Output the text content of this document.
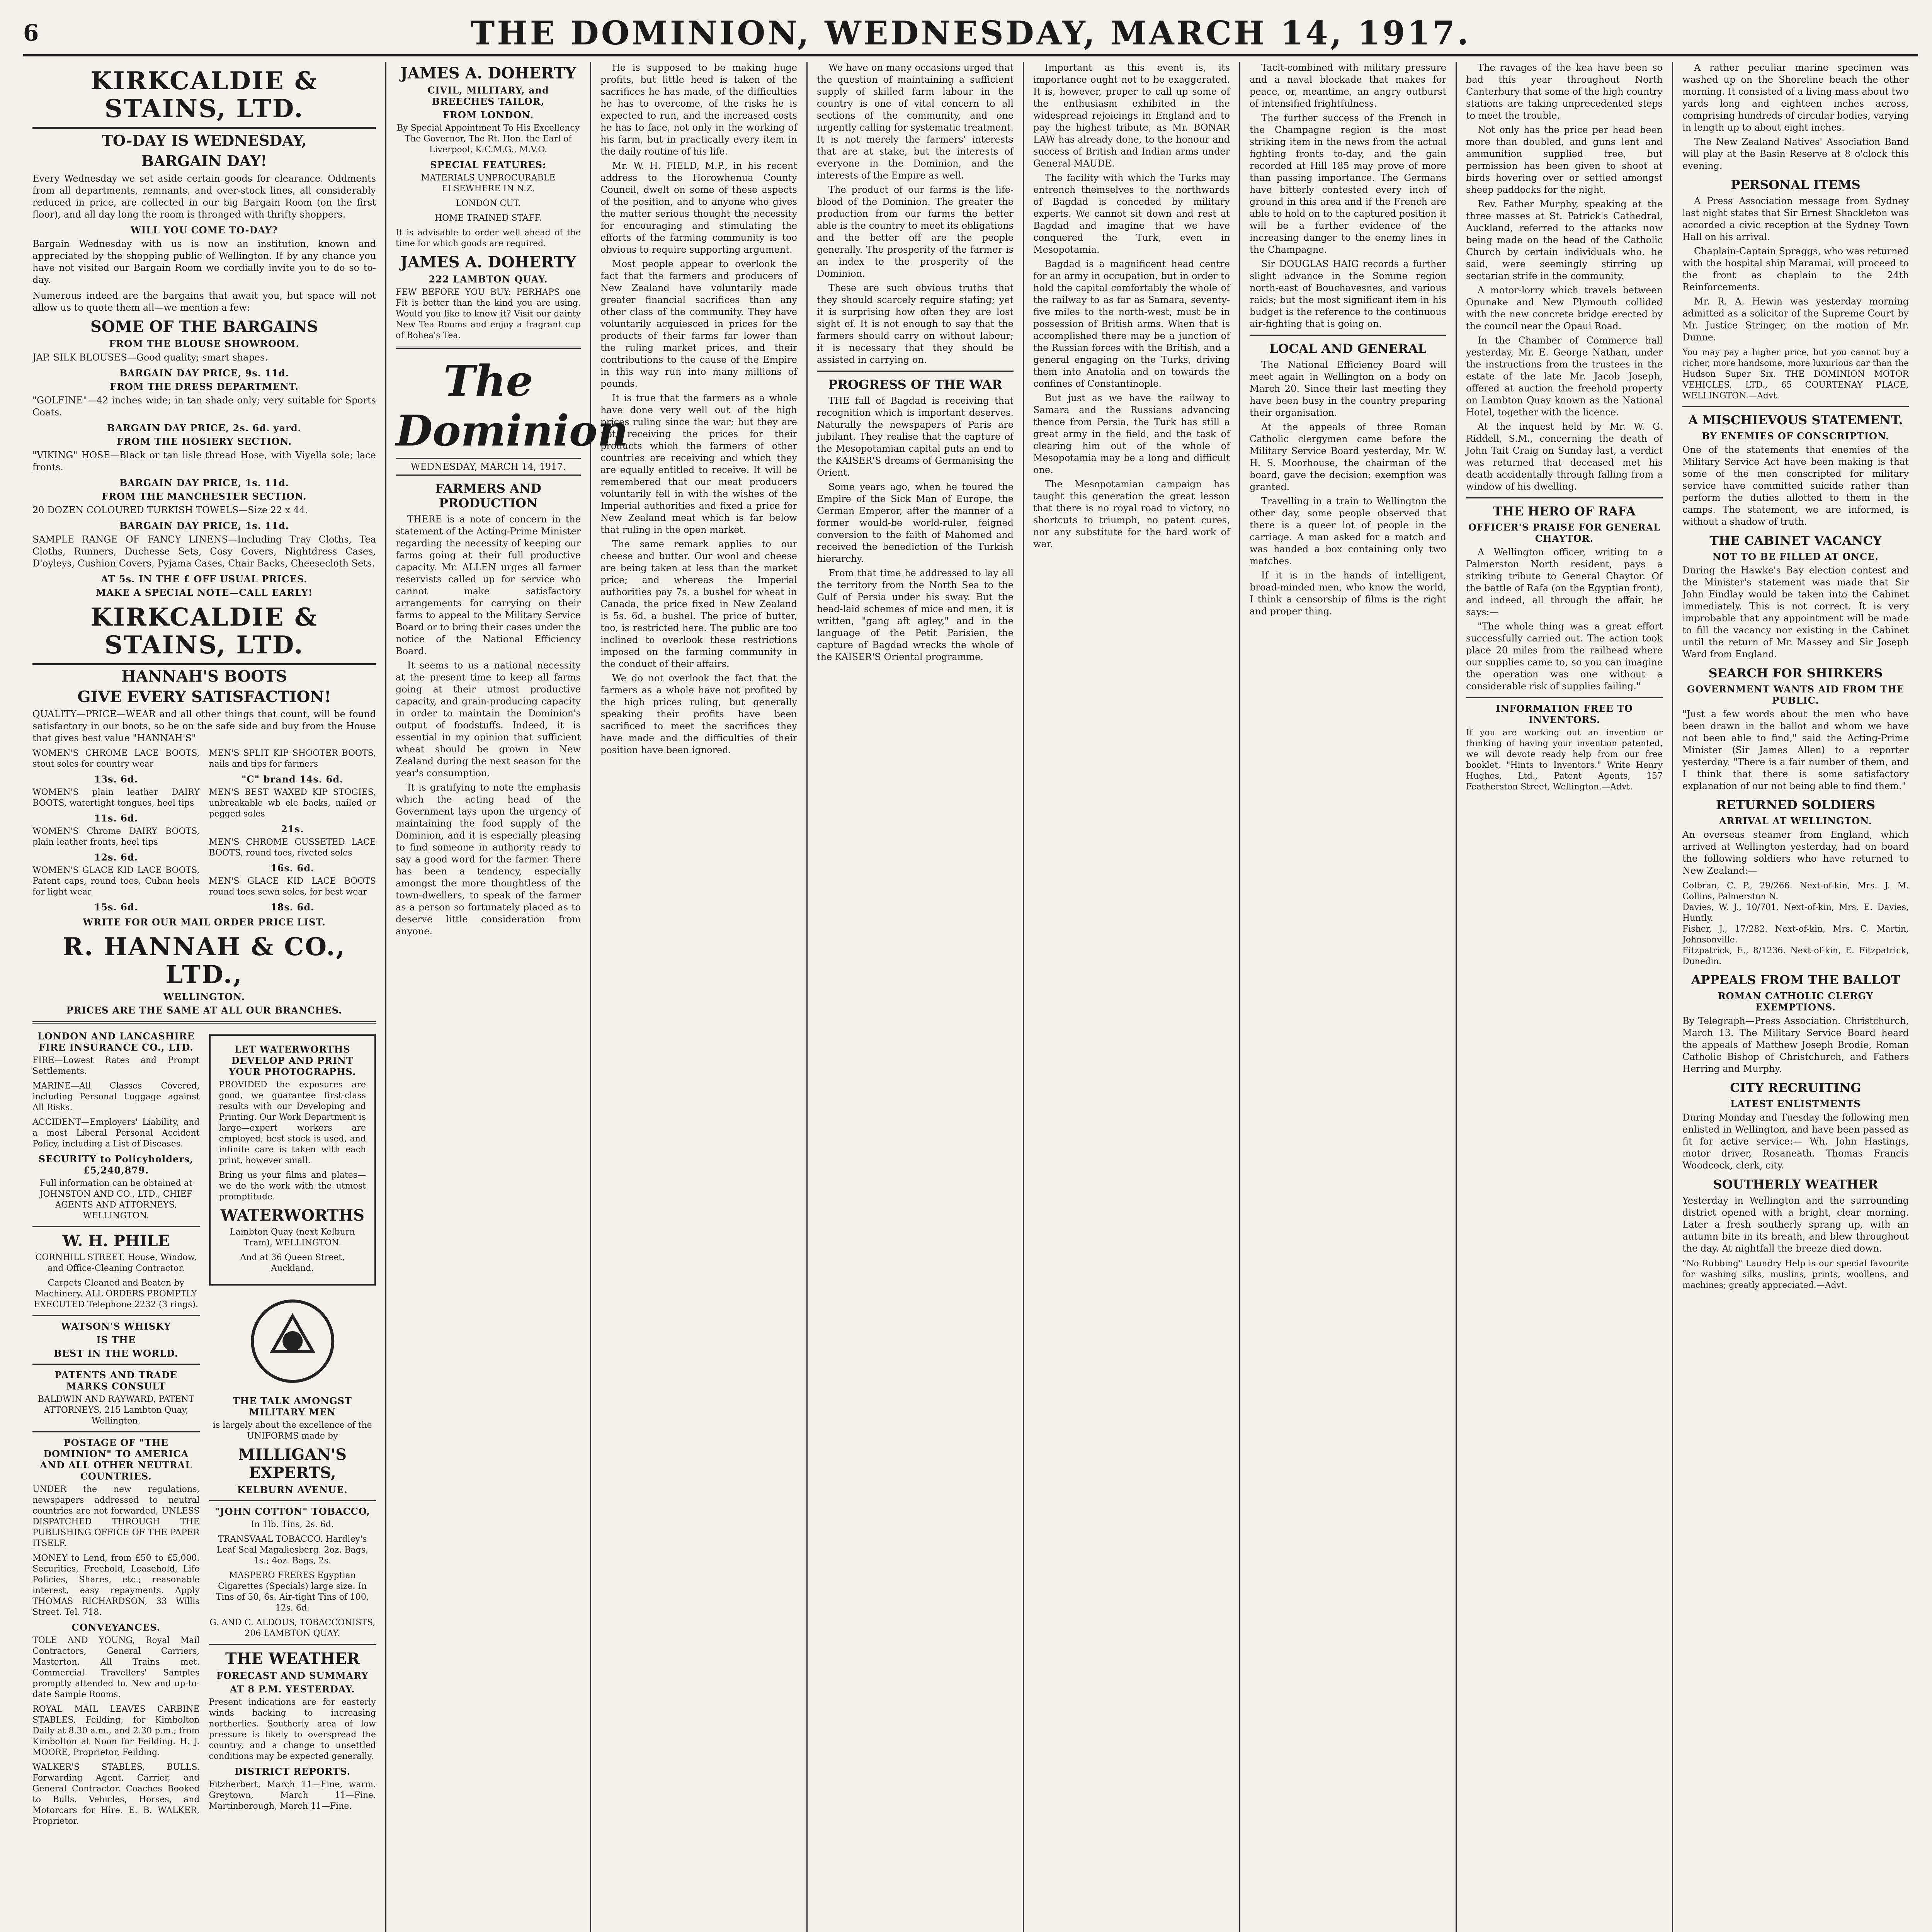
6	THE DOMINION, WEDNESDAY, MARCH 14, 1917.
KIRKCALDIE & STAINS, LTD.
TO-DAY IS WEDNESDAY,
BARGAIN DAY!
Every Wednesday we set aside certain goods for clearance. Oddments from all departments, remnants, and over-stock lines, all considerably reduced in price, are collected in our big Bargain Room (on the first floor), and all day long the room is thronged with thrifty shoppers.
WILL YOU COME TO-DAY?
Bargain Wednesday with us is now an institution, known and appreciated by the shopping public of Wellington. If by any chance you have not visited our Bargain Room we cordially invite you to do so to-day.
Numerous indeed are the bargains that await you, but space will not allow us to quote them all—we mention a few:
SOME OF THE BARGAINS
FROM THE BLOUSE SHOWROOM.
JAP. SILK BLOUSES—Good quality; smart shapes.
BARGAIN DAY PRICE, 9s. 11d.
FROM THE DRESS DEPARTMENT.
"GOLFINE"—42 inches wide; in tan shade only; very suitable for Sports Coats.
BARGAIN DAY PRICE, 2s. 6d. yard.
FROM THE HOSIERY SECTION.
"VIKING" HOSE—Black or tan lisle thread Hose, with Viyella sole; lace fronts.
BARGAIN DAY PRICE, 1s. 11d.
FROM THE MANCHESTER SECTION.
20 DOZEN COLOURED TURKISH TOWELS—Size 22 x 44.
BARGAIN DAY PRICE, 1s. 11d.
SAMPLE RANGE OF FANCY LINENS—Including Tray Cloths, Tea Cloths, Runners, Duchesse Sets, Cosy Covers, Nightdress Cases, D'oyleys, Cushion Covers, Pyjama Cases, Chair Backs, Cheesecloth Sets.
AT 5s. IN THE £ OFF USUAL PRICES.
MAKE A SPECIAL NOTE—CALL EARLY!
KIRKCALDIE & STAINS, LTD.
HANNAH'S BOOTS
GIVE EVERY SATISFACTION!
QUALITY—PRICE—WEAR and all other things that count, will be found satisfactory in our boots, so be on the safe side and buy from the House that gives best value "HANNAH'S"
WOMEN'S CHROME LACE BOOTS, stout soles for country wear
13s. 6d.
WOMEN'S plain leather DAIRY BOOTS, watertight tongues, heel tips
11s. 6d.
WOMEN'S Chrome DAIRY BOOTS, plain leather fronts, heel tips
12s. 6d.
WOMEN'S GLACE KID LACE BOOTS, Patent caps, round toes, Cuban heels for light wear
15s. 6d.
MEN'S SPLIT KIP SHOOTER BOOTS, nails and tips for farmers
"C" brand 14s. 6d.
MEN'S BEST WAXED KIP STOGIES, unbreakable wb ele backs, nailed or pegged soles
21s.
MEN'S CHROME GUSSETED LACE BOOTS, round toes, riveted soles
16s. 6d.
MEN'S GLACE KID LACE BOOTS round toes sewn soles, for best wear
18s. 6d.
WRITE FOR OUR MAIL ORDER PRICE LIST.
R. HANNAH & CO., LTD.,
WELLINGTON.
PRICES ARE THE SAME AT ALL OUR BRANCHES.
LONDON AND LANCASHIRE FIRE INSURANCE CO., LTD.
FIRE—Lowest Rates and Prompt Settlements.
MARINE—All Classes Covered, including Personal Luggage against All Risks.
ACCIDENT—Employers' Liability, and a most Liberal Personal Accident Policy, including a List of Diseases.
SECURITY to Policyholders, £5,240,879.
Full information can be obtained at JOHNSTON AND CO., LTD., CHIEF AGENTS AND ATTORNEYS, WELLINGTON.
W. H. PHILE
CORNHILL STREET. House, Window, and Office-Cleaning Contractor.
Carpets Cleaned and Beaten by Machinery. ALL ORDERS PROMPTLY EXECUTED Telephone 2232 (3 rings).
WATSON'S WHISKY
IS THE
BEST IN THE WORLD.
PATENTS AND TRADE MARKS CONSULT
BALDWIN AND RAYWARD, PATENT ATTORNEYS, 215 Lambton Quay, Wellington.
POSTAGE OF "THE DOMINION" TO AMERICA AND ALL OTHER NEUTRAL COUNTRIES.
UNDER the new regulations, newspapers addressed to neutral countries are not forwarded, UNLESS DISPATCHED THROUGH THE PUBLISHING OFFICE OF THE PAPER ITSELF.
MONEY to Lend, from £50 to £5,000. Securities, Freehold, Leasehold, Life Policies, Shares, etc.; reasonable interest, easy repayments. Apply THOMAS RICHARDSON, 33 Willis Street. Tel. 718.
CONVEYANCES.
TOLE AND YOUNG, Royal Mail Contractors, General Carriers, Masterton. All Trains met. Commercial Travellers' Samples promptly attended to. New and up-to-date Sample Rooms.
ROYAL MAIL LEAVES CARBINE STABLES, Feilding, for Kimbolton Daily at 8.30 a.m., and 2.30 p.m.; from Kimbolton at Noon for Feilding. H. J. MOORE, Proprietor, Feilding.
WALKER'S STABLES, BULLS. Forwarding Agent, Carrier, and General Contractor. Coaches Booked to Bulls. Vehicles, Horses, and Motorcars for Hire. E. B. WALKER, Proprietor.
LET WATERWORTHS DEVELOP AND PRINT YOUR PHOTOGRAPHS.
PROVIDED the exposures are good, we guarantee first-class results with our Developing and Printing. Our Work Department is large—expert workers are employed, best stock is used, and infinite care is taken with each print, however small.
Bring us your films and plates—we do the work with the utmost promptitude.
WATERWORTHS
Lambton Quay (next Kelburn Tram), WELLINGTON.
And at 36 Queen Street, Auckland.
THE TALK AMONGST MILITARY MEN
is largely about the excellence of the UNIFORMS made by
MILLIGAN'S EXPERTS,
KELBURN AVENUE.
"JOHN COTTON" TOBACCO,
In 1lb. Tins, 2s. 6d.
TRANSVAAL TOBACCO. Hardley's Leaf Seal Magaliesberg. 2oz. Bags, 1s.; 4oz. Bags, 2s.
MASPERO FRERES Egyptian Cigarettes (Specials) large size. In Tins of 50, 6s. Air-tight Tins of 100, 12s. 6d.
G. AND C. ALDOUS, TOBACCONISTS, 206 LAMBTON QUAY.
THE WEATHER
FORECAST AND SUMMARY
AT 8 P.M. YESTERDAY.
Present indications are for easterly winds backing to increasing northerlies. Southerly area of low pressure is likely to overspread the country, and a change to unsettled conditions may be expected generally.
DISTRICT REPORTS.
Fitzherbert, March 11—Fine, warm. Greytown, March 11—Fine. Martinborough, March 11—Fine.
JAMES A. DOHERTY
CIVIL, MILITARY, and BREECHES TAILOR,
FROM LONDON.
By Special Appointment To His Excellency The Governor, The Rt. Hon. the Earl of Liverpool, K.C.M.G., M.V.O.
SPECIAL FEATURES:
MATERIALS UNPROCURABLE ELSEWHERE IN N.Z.
LONDON CUT.
HOME TRAINED STAFF.
It is advisable to order well ahead of the time for which goods are required.
JAMES A. DOHERTY
222 LAMBTON QUAY.
FEW BEFORE YOU BUY: PERHAPS one Fit is better than the kind you are using. Would you like to know it? Visit our dainty New Tea Rooms and enjoy a fragrant cup of Bohea's Tea.
The Dominion
WEDNESDAY, MARCH 14, 1917.
FARMERS AND PRODUCTION

THERE is a note of concern in the statement of the Acting-Prime Minister regarding the necessity of keeping our farms going at their full productive capacity. Mr. ALLEN urges all farmer reservists called up for service who cannot make satisfactory arrangements for carrying on their farms to appeal to the Military Service Board or to bring their cases under the notice of the National Efficiency Board.

It seems to us a national necessity at the present time to keep all farms going at their utmost productive capacity, and grain-producing capacity in order to maintain the Dominion's output of foodstuffs. Indeed, it is essential in my opinion that sufficient wheat should be grown in New Zealand during the next season for the year's consumption.

It is gratifying to note the emphasis which the acting head of the Government lays upon the urgency of maintaining the food supply of the Dominion, and it is especially pleasing to find someone in authority ready to say a good word for the farmer. There has been a tendency, especially amongst the more thoughtless of the town-dwellers, to speak of the farmer as a person so fortunately placed as to deserve little consideration from anyone.

He is supposed to be making huge profits, but little heed is taken of the sacrifices he has made, of the difficulties he has to overcome, of the risks he is expected to run, and the increased costs he has to face, not only in the working of his farm, but in practically every item in the daily routine of his life.

Mr. W. H. FIELD, M.P., in his recent address to the Horowhenua County Council, dwelt on some of these aspects of the position, and to anyone who gives the matter serious thought the necessity for encouraging and stimulating the efforts of the farming community is too obvious to require supporting argument.

Most people appear to overlook the fact that the farmers and producers of New Zealand have voluntarily made greater financial sacrifices than any other class of the community. They have voluntarily acquiesced in prices for the products of their farms far lower than the ruling market prices, and their contributions to the cause of the Empire in this way run into many millions of pounds.

It is true that the farmers as a whole have done very well out of the high prices ruling since the war; but they are not receiving the prices for their products which the farmers of other countries are receiving and which they are equally entitled to receive. It will be remembered that our meat producers voluntarily fell in with the wishes of the Imperial authorities and fixed a price for New Zealand meat which is far below that ruling in the open market.

The same remark applies to our cheese and butter. Our wool and cheese are being taken at less than the market price; and whereas the Imperial authorities pay 7s. a bushel for wheat in Canada, the price fixed in New Zealand is 5s. 6d. a bushel. The price of butter, too, is restricted here. The public are too inclined to overlook these restrictions imposed on the farming community in the conduct of their affairs.

We do not overlook the fact that the farmers as a whole have not profited by the high prices ruling, but generally speaking their profits have been sacrificed to meet the sacrifices they have made and the difficulties of their position have been ignored.

We have on many occasions urged that the question of maintaining a sufficient supply of skilled farm labour in the country is one of vital concern to all sections of the community, and one urgently calling for systematic treatment. It is not merely the farmers' interests that are at stake, but the interests of everyone in the Dominion, and the interests of the Empire as well.

The product of our farms is the life-blood of the Dominion. The greater the production from our farms the better able is the country to meet its obligations and the better off are the people generally. The prosperity of the farmer is an index to the prosperity of the Dominion.

These are such obvious truths that they should scarcely require stating; yet it is surprising how often they are lost sight of. It is not enough to say that the farmers should carry on without labour; it is necessary that they should be assisted in carrying on.

PROGRESS OF THE WAR

THE fall of Bagdad is receiving that recognition which is important deserves. Naturally the newspapers of Paris are jubilant. They realise that the capture of the Mesopotamian capital puts an end to the KAISER'S dreams of Germanising the Orient.

Some years ago, when he toured the Empire of the Sick Man of Europe, the German Emperor, after the manner of a former would-be world-ruler, feigned conversion to the faith of Mahomed and received the benediction of the Turkish hierarchy.

From that time he addressed to lay all the territory from the North Sea to the Gulf of Persia under his sway. But the head-laid schemes of mice and men, it is written, "gang aft agley," and in the language of the Petit Parisien, the capture of Bagdad wrecks the whole of the KAISER'S Oriental programme.

Important as this event is, its importance ought not to be exaggerated. It is, however, proper to call up some of the enthusiasm exhibited in the widespread rejoicings in England and to pay the highest tribute, as Mr. BONAR LAW has already done, to the honour and success of British and Indian arms under General MAUDE.

The facility with which the Turks may entrench themselves to the northwards of Bagdad is conceded by military experts. We cannot sit down and rest at Bagdad and imagine that we have conquered the Turk, even in Mesopotamia.

Bagdad is a magnificent head centre for an army in occupation, but in order to hold the capital comfortably the whole of the railway to as far as Samara, seventy-five miles to the north-west, must be in possession of British arms. When that is accomplished there may be a junction of the Russian forces with the British, and a general engaging on the Turks, driving them into Anatolia and on towards the confines of Constantinople.

But just as we have the railway to Samara and the Russians advancing thence from Persia, the Turk has still a great army in the field, and the task of clearing him out of the whole of Mesopotamia may be a long and difficult one.

The Mesopotamian campaign has taught this generation the great lesson that there is no royal road to victory, no shortcuts to triumph, no patent cures, nor any substitute for the hard work of war.

Tacit-combined with military pressure and a naval blockade that makes for peace, or, meantime, an angry outburst of intensified frightfulness.

The further success of the French in the Champagne region is the most striking item in the news from the actual fighting fronts to-day, and the gain recorded at Hill 185 may prove of more than passing importance. The Germans have bitterly contested every inch of ground in this area and if the French are able to hold on to the captured position it will be a further evidence of the increasing danger to the enemy lines in the Champagne.

Sir DOUGLAS HAIG records a further slight advance in the Somme region north-east of Bouchavesnes, and various raids; but the most significant item in his budget is the reference to the continuous air-fighting that is going on.

LOCAL AND GENERAL

The National Efficiency Board will meet again in Wellington on a body on March 20. Since their last meeting they have been busy in the country preparing their organisation.

At the appeals of three Roman Catholic clergymen came before the Military Service Board yesterday, Mr. W. H. S. Moorhouse, the chairman of the board, gave the decision; exemption was granted.

Travelling in a train to Wellington the other day, some people observed that there is a queer lot of people in the carriage. A man asked for a match and was handed a box containing only two matches.

If it is in the hands of intelligent, broad-minded men, who know the world, I think a censorship of films is the right and proper thing.

The ravages of the kea have been so bad this year throughout North Canterbury that some of the high country stations are taking unprecedented steps to meet the trouble.

Not only has the price per head been more than doubled, and guns lent and ammunition supplied free, but permission has been given to shoot at birds hovering over or settled amongst sheep paddocks for the night.

Rev. Father Murphy, speaking at the three masses at St. Patrick's Cathedral, Auckland, referred to the attacks now being made on the head of the Catholic Church by certain individuals who, he said, were seemingly stirring up sectarian strife in the community.

A motor-lorry which travels between Opunake and New Plymouth collided with the new concrete bridge erected by the council near the Opaui Road.

In the Chamber of Commerce hall yesterday, Mr. E. George Nathan, under the instructions from the trustees in the estate of the late Mr. Jacob Joseph, offered at auction the freehold property on Lambton Quay known as the National Hotel, together with the licence.

At the inquest held by Mr. W. G. Riddell, S.M., concerning the death of John Tait Craig on Sunday last, a verdict was returned that deceased met his death accidentally through falling from a window of his dwelling.

THE HERO OF RAFA
OFFICER'S PRAISE FOR GENERAL CHAYTOR.

A Wellington officer, writing to a Palmerston North resident, pays a striking tribute to General Chaytor. Of the battle of Rafa (on the Egyptian front), and indeed, all through the affair, he says:—

"The whole thing was a great effort successfully carried out. The action took place 20 miles from the railhead where our supplies came to, so you can imagine the operation was one without a considerable risk of supplies failing."

INFORMATION FREE TO INVENTORS.
If you are working out an invention or thinking of having your invention patented, we will devote ready help from our free booklet, "Hints to Inventors." Write Henry Hughes, Ltd., Patent Agents, 157 Featherston Street, Wellington.—Advt.

A rather peculiar marine specimen was washed up on the Shoreline beach the other morning. It consisted of a living mass about two yards long and eighteen inches across, comprising hundreds of circular bodies, varying in length up to about eight inches.

The New Zealand Natives' Association Band will play at the Basin Reserve at 8 o'clock this evening.

PERSONAL ITEMS

A Press Association message from Sydney last night states that Sir Ernest Shackleton was accorded a civic reception at the Sydney Town Hall on his arrival.

Chaplain-Captain Spraggs, who was returned with the hospital ship Maramai, will proceed to the front as chaplain to the 24th Reinforcements.

Mr. R. A. Hewin was yesterday morning admitted as a solicitor of the Supreme Court by Mr. Justice Stringer, on the motion of Mr. Dunne.

You may pay a higher price, but you cannot buy a richer, more handsome, more luxurious car than the Hudson Super Six. THE DOMINION MOTOR VEHICLES, LTD., 65 COURTENAY PLACE, WELLINGTON.—Advt.
A MISCHIEVOUS STATEMENT.
BY ENEMIES OF CONSCRIPTION.
One of the statements that enemies of the Military Service Act have been making is that some of the men conscripted for military service have committed suicide rather than perform the duties allotted to them in the camps. The statement, we are informed, is without a shadow of truth.
THE CABINET VACANCY
NOT TO BE FILLED AT ONCE.
During the Hawke's Bay election contest and the Minister's statement was made that Sir John Findlay would be taken into the Cabinet immediately. This is not correct. It is very improbable that any appointment will be made to fill the vacancy nor existing in the Cabinet until the return of Mr. Massey and Sir Joseph Ward from England.
SEARCH FOR SHIRKERS
GOVERNMENT WANTS AID FROM THE PUBLIC.
"Just a few words about the men who have been drawn in the ballot and whom we have not been able to find," said the Acting-Prime Minister (Sir James Allen) to a reporter yesterday. "There is a fair number of them, and I think that there is some satisfactory explanation of our not being able to find them."
RETURNED SOLDIERS
ARRIVAL AT WELLINGTON.
An overseas steamer from England, which arrived at Wellington yesterday, had on board the following soldiers who have returned to New Zealand:—
Colbran, C. P., 29/266. Next-of-kin, Mrs. J. M. Collins, Palmerston N.
Davies, W. J., 10/701. Next-of-kin, Mrs. E. Davies, Huntly.
Fisher, J., 17/282. Next-of-kin, Mrs. C. Martin, Johnsonville.
Fitzpatrick, E., 8/1236. Next-of-kin, E. Fitzpatrick, Dunedin.
APPEALS FROM THE BALLOT
ROMAN CATHOLIC CLERGY EXEMPTIONS.
By Telegraph—Press Association. Christchurch, March 13. The Military Service Board heard the appeals of Matthew Joseph Brodie, Roman Catholic Bishop of Christchurch, and Fathers Herring and Murphy.
CITY RECRUITING
LATEST ENLISTMENTS
During Monday and Tuesday the following men enlisted in Wellington, and have been passed as fit for active service:— Wh. John Hastings, motor driver, Rosaneath. Thomas Francis Woodcock, clerk, city.
SOUTHERLY WEATHER
Yesterday in Wellington and the surrounding district opened with a bright, clear morning. Later a fresh southerly sprang up, with an autumn bite in its breath, and blew throughout the day. At nightfall the breeze died down.
"No Rubbing" Laundry Help is our special favourite for washing silks, muslins, prints, woollens, and machines; greatly appreciated.—Advt.
